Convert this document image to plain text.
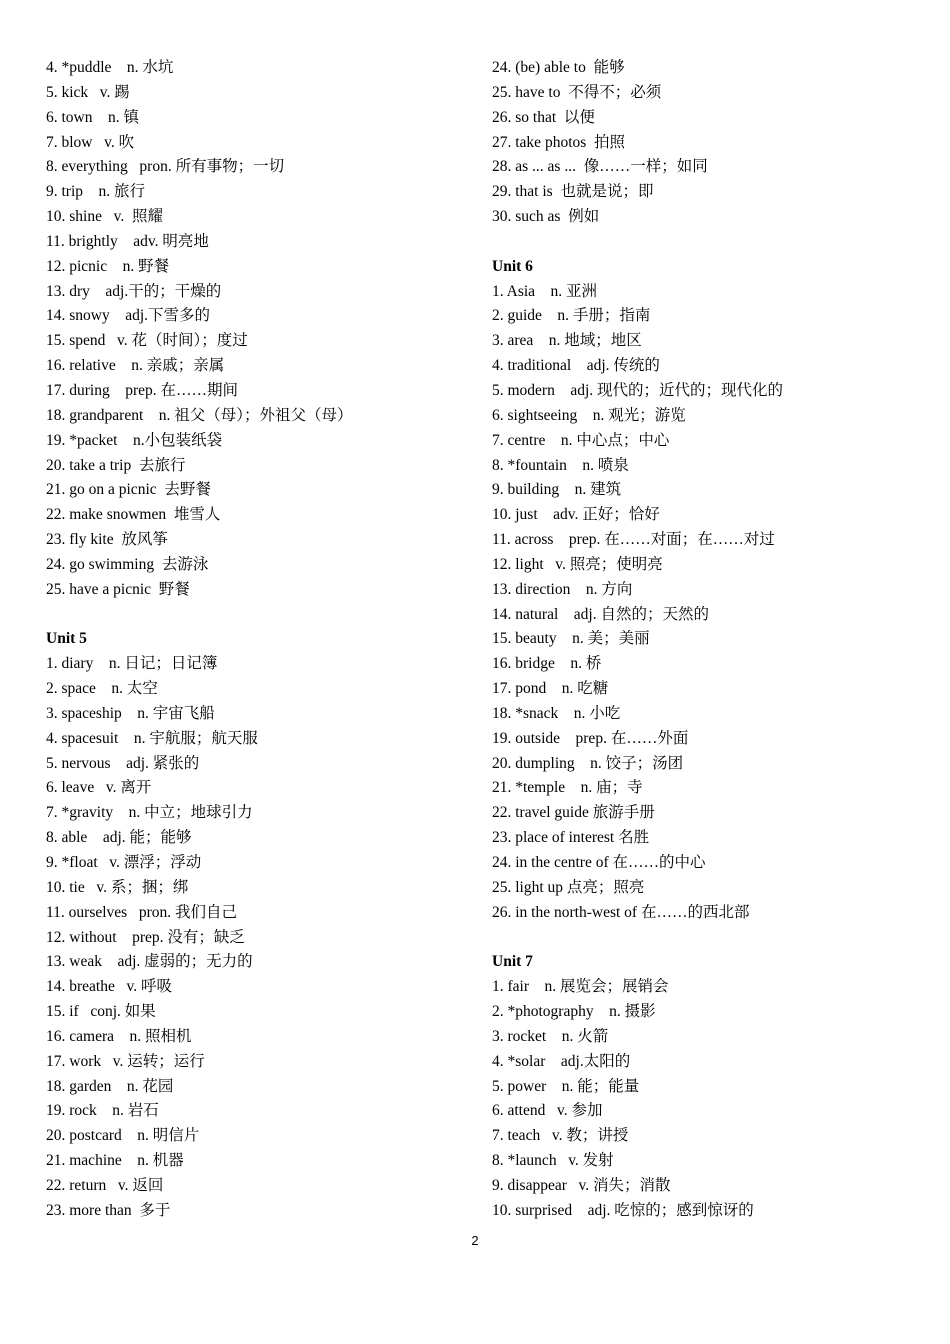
4. *puddle    n. 水坑
5. kick   v. 踢
6. town    n. 镇
7. blow   v. 吹
8. everything   pron. 所有事物；一切
9. trip    n. 旅行
10. shine   v.  照耀
11. brightly    adv. 明亮地
12. picnic    n. 野餐
13. dry    adj.干的；干燥的
14. snowy    adj.下雪多的
15. spend   v. 花（时间）；度过
16. relative    n. 亲戚；亲属
17. during    prep. 在……期间
18. grandparent    n. 祖父（母）；外祖父（母）
19. *packet    n.小包装纸袋
20. take a trip  去旅行
21. go on a picnic  去野餐
22. make snowmen  堆雪人
23. fly kite  放风筝
24. go swimming  去游泳
25. have a picnic  野餐
Unit 5
1. diary    n. 日记；日记簿
2. space    n. 太空
3. spaceship    n. 宇宙飞船
4. spacesuit    n. 宇航服；航天服
5. nervous    adj. 紧张的
6. leave   v. 离开
7. *gravity    n. 中立；地球引力
8. able    adj. 能；能够
9. *float   v. 漂浮；浮动
10. tie   v. 系；捆；绑
11. ourselves   pron. 我们自己
12. without    prep. 没有；缺乏
13. weak    adj. 虚弱的；无力的
14. breathe   v. 呼吸
15. if   conj. 如果
16. camera    n. 照相机
17. work   v. 运转；运行
18. garden    n. 花园
19. rock    n. 岩石
20. postcard    n. 明信片
21. machine    n. 机器
22. return   v. 返回
23. more than  多于
24. (be) able to  能够
25. have to  不得不；必须
26. so that  以便
27. take photos  拍照
28. as ... as ...  像……一样；如同
29. that is  也就是说；即
30. such as  例如
Unit 6
1. Asia    n. 亚洲
2. guide    n. 手册；指南
3. area    n. 地域；地区
4. traditional    adj. 传统的
5. modern    adj. 现代的；近代的；现代化的
6. sightseeing    n. 观光；游览
7. centre    n. 中心点；中心
8. *fountain    n. 喷泉
9. building    n. 建筑
10. just    adv. 正好；恰好
11. across    prep. 在……对面；在……对过
12. light   v. 照亮；使明亮
13. direction    n. 方向
14. natural    adj. 自然的；天然的
15. beauty    n. 美；美丽
16. bridge    n. 桥
17. pond    n. 吃糖
18. *snack    n. 小吃
19. outside    prep. 在……外面
20. dumpling    n. 饺子；汤团
21. *temple    n. 庙；寺
22. travel guide 旅游手册
23. place of interest 名胜
24. in the centre of 在……的中心
25. light up 点亮；照亮
26. in the north-west of 在……的西北部
Unit 7
1. fair    n. 展览会；展销会
2. *photography    n. 摄影
3. rocket    n. 火箭
4. *solar    adj.太阳的
5. power    n. 能；能量
6. attend   v. 参加
7. teach   v. 教；讲授
8. *launch   v. 发射
9. disappear   v. 消失；消散
10. surprised    adj. 吃惊的；感到惊讶的
2
